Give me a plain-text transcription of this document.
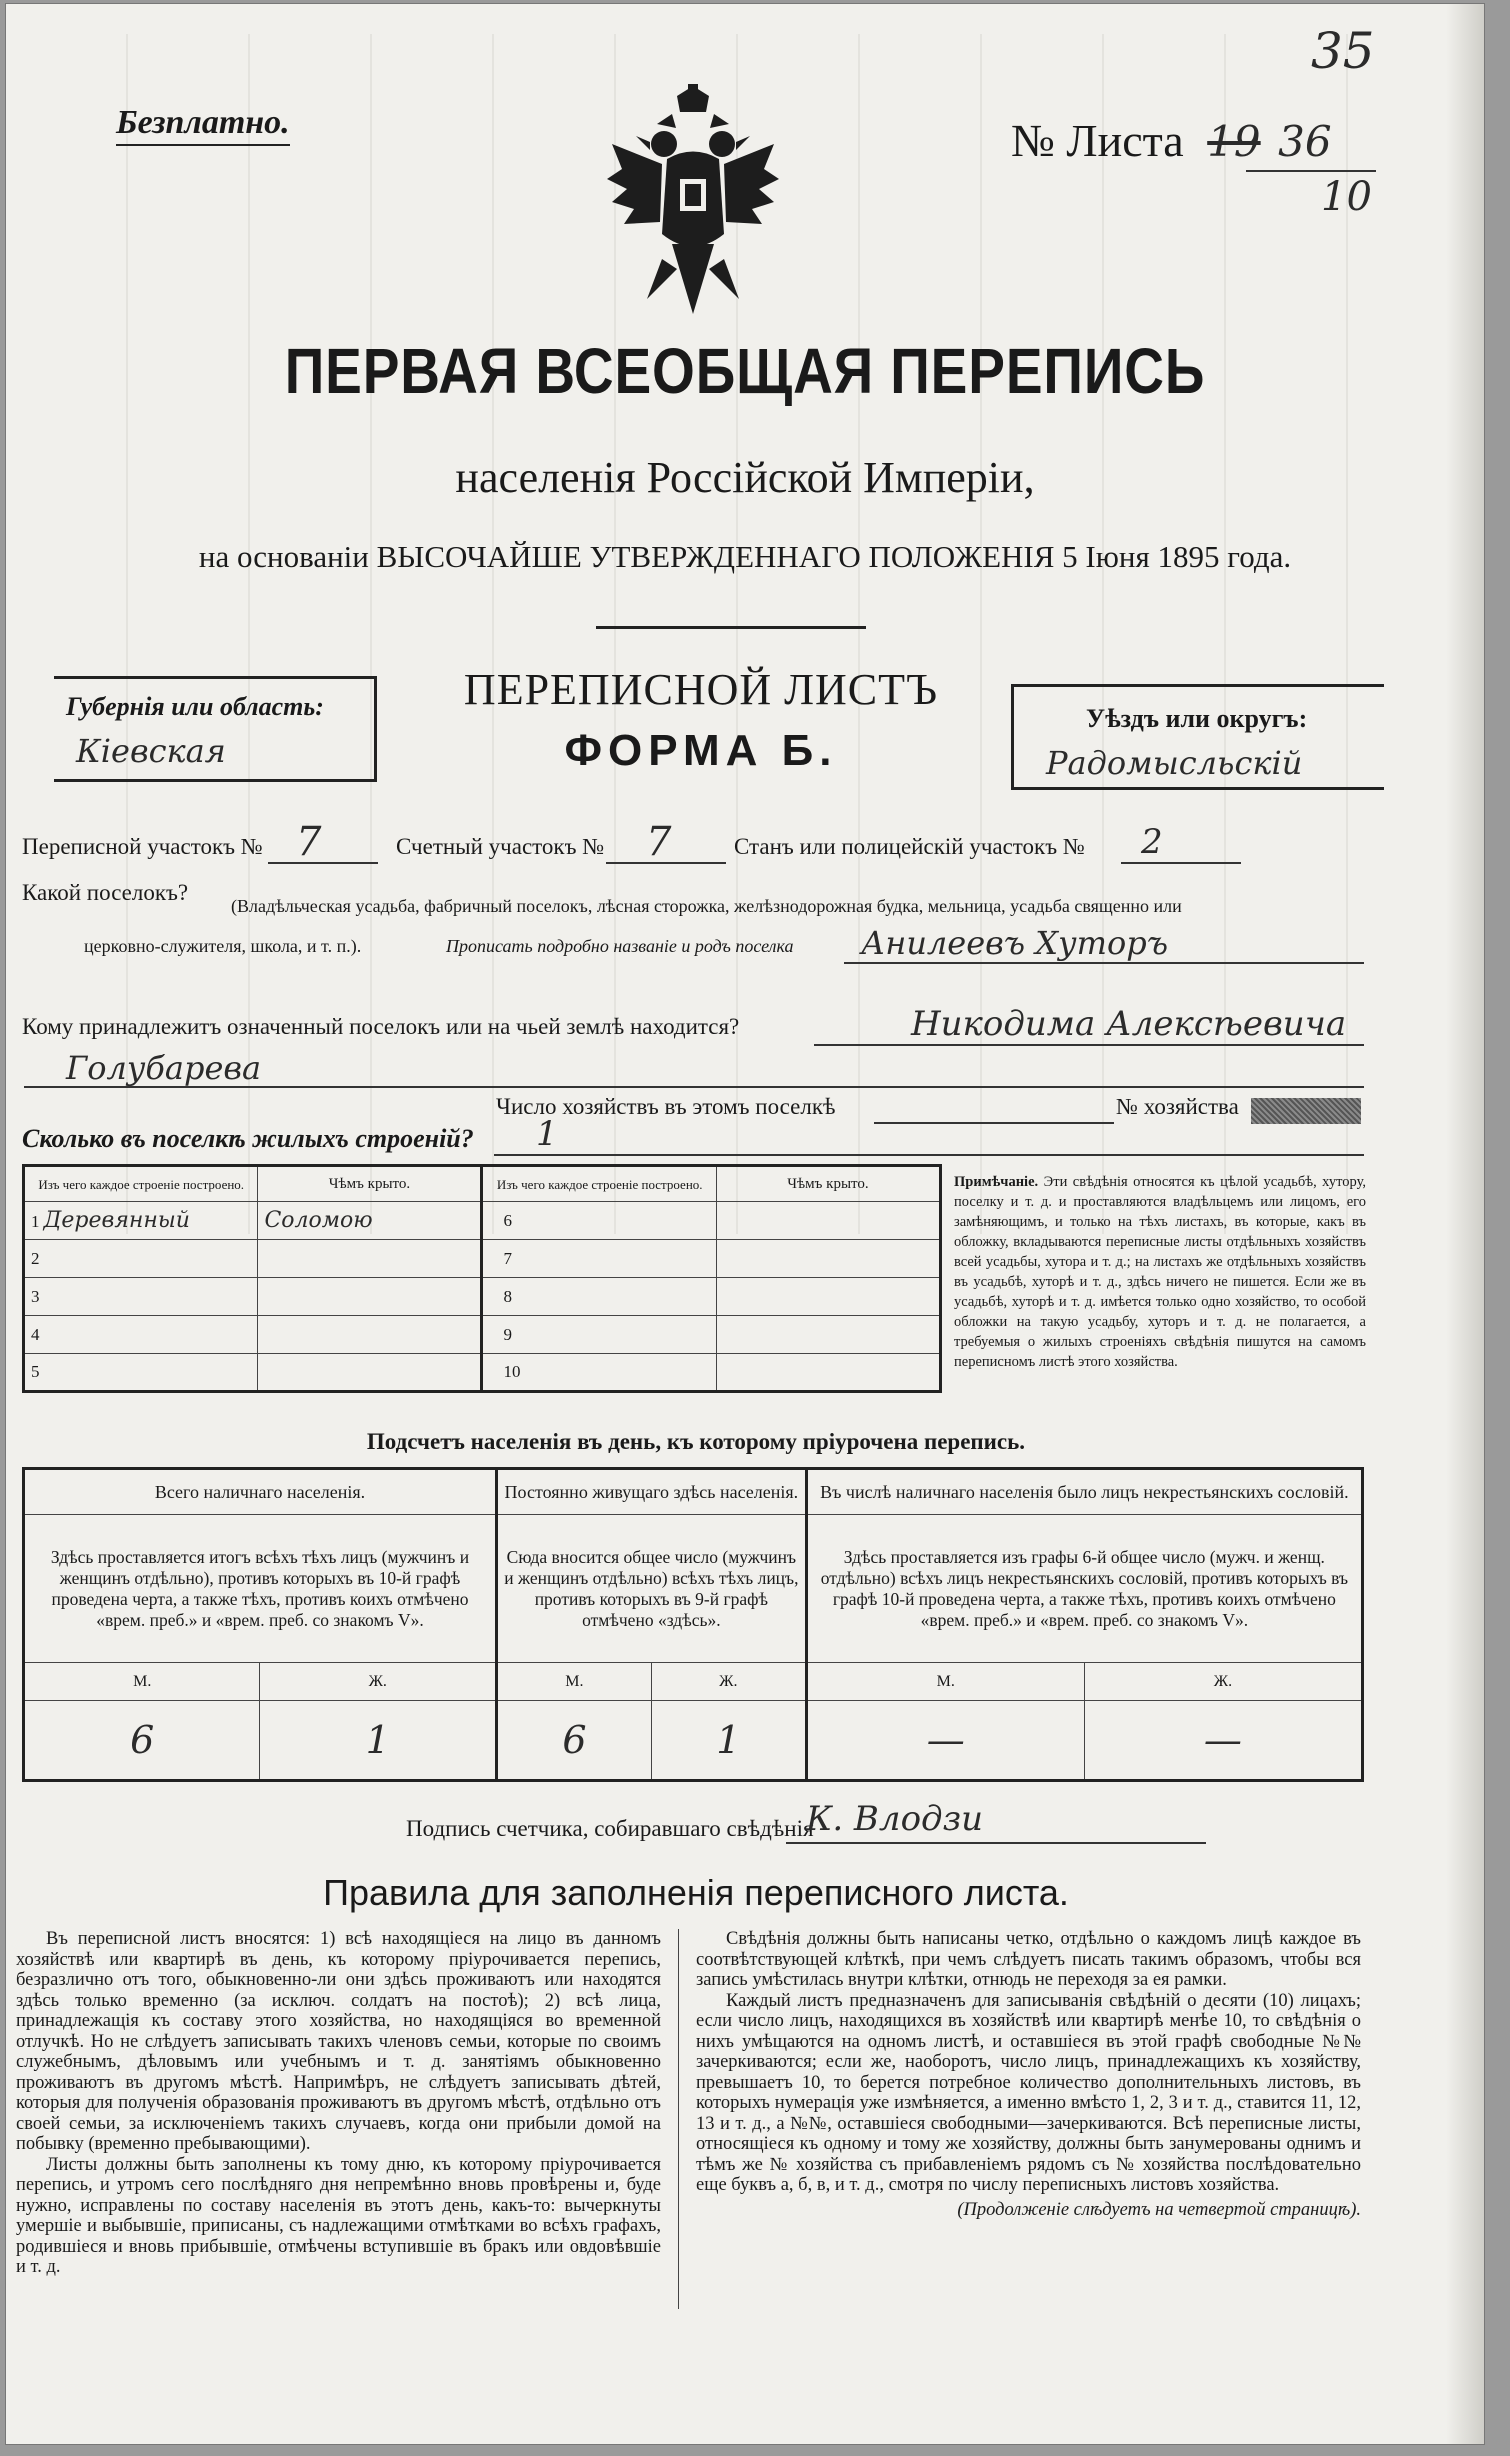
Безплатно.	№ Листа 19 36
10
35
ПЕРВАЯ ВСЕОБЩАЯ ПЕРЕПИСЬ
населенія Россійской Имперіи,
на основаніи ВЫСОЧАЙШЕ УТВЕРЖДЕННАГО ПОЛОЖЕНІЯ 5 Іюня 1895 года.
Губернія или область:
Кіевская
ПЕРЕПИСНОЙ ЛИСТЪ
ФОРМА Б.
Уѣздъ или округъ:
Радомысльскій
Переписной участокъ № 7	Счетный участокъ № 7	Станъ или полицейскій участокъ № 2
Какой поселокъ?
(Владѣльческая усадьба, фабричный поселокъ, лѣсная сторожка, желѣзнодорожная будка, мельница, усадьба священно или
церковно-служителя, школа, и т. п.).	Прописать подробно названіе и родъ поселка Анилеевъ Хуторъ
Кому принадлежитъ означенный поселокъ или на чьей землѣ находится?	Никодима Алексѣевича
Голубарева
Число хозяйствъ въ этомъ поселкѣ	№ хозяйства
Сколько въ поселкѣ жилыхъ строеній? 1
Изъ чего каждое строеніе построено.	Чѣмъ крыто.	Изъ чего каждое строеніе построено.	Чѣмъ крыто.
1 Деревянный	Соломою	6	
2		7	
3		8	
4		9	
5		10	
Примѣчаніе. Эти свѣдѣнія относятся къ цѣлой усадьбѣ, хутору, поселку и т. д. и проставляются владѣльцемъ или лицомъ, его замѣняющимъ, и только на тѣхъ листахъ, въ которые, какъ въ обложку, вкладываются переписные листы отдѣльныхъ хозяйствъ всей усадьбы, хутора и т. д.; на листахъ же отдѣльныхъ хозяйствъ въ усадьбѣ, хуторѣ и т. д., здѣсь ничего не пишется. Если же въ усадьбѣ, хуторѣ и т. д. имѣется только одно хозяйство, то особой обложки на такую усадьбу, хуторъ и т. д. не полагается, а требуемыя о жилыхъ строеніяхъ свѣдѣнія пишутся на самомъ переписномъ листѣ этого хозяйства.
Подсчетъ населенія въ день, къ которому пріурочена перепись.
Всего наличнаго населенія.		Постоянно живущаго здѣсь населенія.		Въ числѣ наличнаго населенія было лицъ некрестьянскихъ сословій.	
Здѣсь проставляется итогъ всѣхъ тѣхъ лицъ (мужчинъ и женщинъ отдѣльно), противъ которыхъ въ 10-й графѣ проведена черта, а также тѣхъ, противъ коихъ отмѣчено «врем. преб.» и «врем. преб. со знакомъ V».		Сюда вносится общее число (мужчинъ и женщинъ отдѣльно) всѣхъ тѣхъ лицъ, противъ которыхъ въ 9-й графѣ отмѣчено «здѣсь».		Здѣсь проставляется изъ графы 6-й общее число (мужч. и женщ. отдѣльно) всѣхъ лицъ некрестьянскихъ сословій, противъ которыхъ въ графѣ 10-й проведена черта, а также тѣхъ, противъ коихъ отмѣчено «врем. преб.» и «врем. преб. со знакомъ V».	
М.	Ж.	М.	Ж.	М.	Ж.
6	1	6	1	—	—
Подпись счетчика, собиравшаго свѣдѣнія
К. Влодзи
Правила для заполненія переписного листа.

Въ переписной листъ вносятся: 1) всѣ находящіеся на лицо въ данномъ хозяйствѣ или квартирѣ въ день, къ которому пріурочивается перепись, безразлично отъ того, обыкновенно-ли они здѣсь проживаютъ или находятся здѣсь только временно (за исключ. солдатъ на постоѣ); 2) всѣ лица, принадлежащія къ составу этого хозяйства, но находящіяся во временной отлучкѣ. Но не слѣдуетъ записывать такихъ членовъ семьи, которые по своимъ служебнымъ, дѣловымъ или учебнымъ и т. д. занятіямъ обыкновенно проживаютъ въ другомъ мѣстѣ. Напримѣръ, не слѣдуетъ записывать дѣтей, которыя для полученія образованія проживаютъ въ другомъ мѣстѣ, отдѣльно отъ своей семьи, за исключеніемъ такихъ случаевъ, когда они прибыли домой на побывку (временно пребывающими).

Листы должны быть заполнены къ тому дню, къ которому пріурочивается перепись, и утромъ сего послѣдняго дня непремѣнно вновь провѣрены и, буде нужно, исправлены по составу населенія въ этотъ день, какъ-то: вычеркнуты умершіе и выбывшіе, приписаны, съ надлежащими отмѣтками во всѣхъ графахъ, родившіеся и вновь прибывшіе, отмѣчены вступившіе въ бракъ или овдовѣвшіе и т. д.

Свѣдѣнія должны быть написаны четко, отдѣльно о каждомъ лицѣ каждое въ соотвѣтствующей клѣткѣ, при чемъ слѣдуетъ писать такимъ образомъ, чтобы вся запись умѣстилась внутри клѣтки, отнюдь не переходя за ея рамки.

Каждый листъ предназначенъ для записыванія свѣдѣній о десяти (10) лицахъ; если число лицъ, находящихся въ хозяйствѣ или квартирѣ менѣе 10, то свѣдѣнія о нихъ умѣщаются на одномъ листѣ, и оставшіеся въ этой графѣ свободные №№ зачеркиваются; если же, наоборотъ, число лицъ, принадлежащихъ къ хозяйству, превышаетъ 10, то берется потребное количество дополнительныхъ листовъ, въ которыхъ нумерація уже измѣняется, а именно вмѣсто 1, 2, 3 и т. д., ставится 11, 12, 13 и т. д., а №№, оставшіеся свободными—зачеркиваются. Всѣ переписные листы, относящіеся къ одному и тому же хозяйству, должны быть занумерованы однимъ и тѣмъ же № хозяйства съ прибавленіемъ рядомъ съ № хозяйства послѣдовательно еще буквъ а, б, в, и т. д., смотря по числу переписныхъ листовъ хозяйства.

(Продолженіе слѣдуетъ на четвертой страницѣ).
